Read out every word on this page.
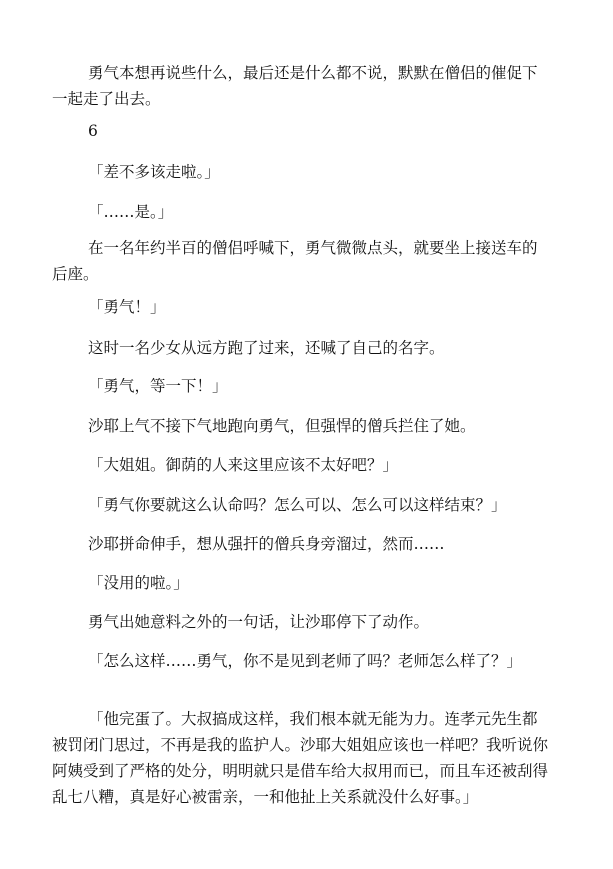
勇气本想再说些什么，最后还是什么都不说，默默在僧侣的催促下一起走了出去。

6

「差不多该走啦。」

「……是。」

在一名年约半百的僧侣呼喊下，勇气微微点头，就要坐上接送车的后座。

「勇气！」

这时一名少女从远方跑了过来，还喊了自己的名字。

「勇气，等一下！」

沙耶上气不接下气地跑向勇气，但强悍的僧兵拦住了她。

「大姐姐。御荫的人来这里应该不太好吧？」

「勇气你要就这么认命吗？怎么可以、怎么可以这样结束？」

沙耶拼命伸手，想从强扞的僧兵身旁溜过，然而……

「没用的啦。」

勇气出她意料之外的一句话，让沙耶停下了动作。

「怎么这样……勇气，你不是见到老师了吗？老师怎么样了？」

「他完蛋了。大叔搞成这样，我们根本就无能为力。连孝元先生都被罚闭门思过，不再是我的监护人。沙耶大姐姐应该也一样吧？我听说你阿姨受到了严格的处分，明明就只是借车给大叔用而已，而且车还被刮得乱七八糟，真是好心被雷亲，一和他扯上关系就没什么好事。」
